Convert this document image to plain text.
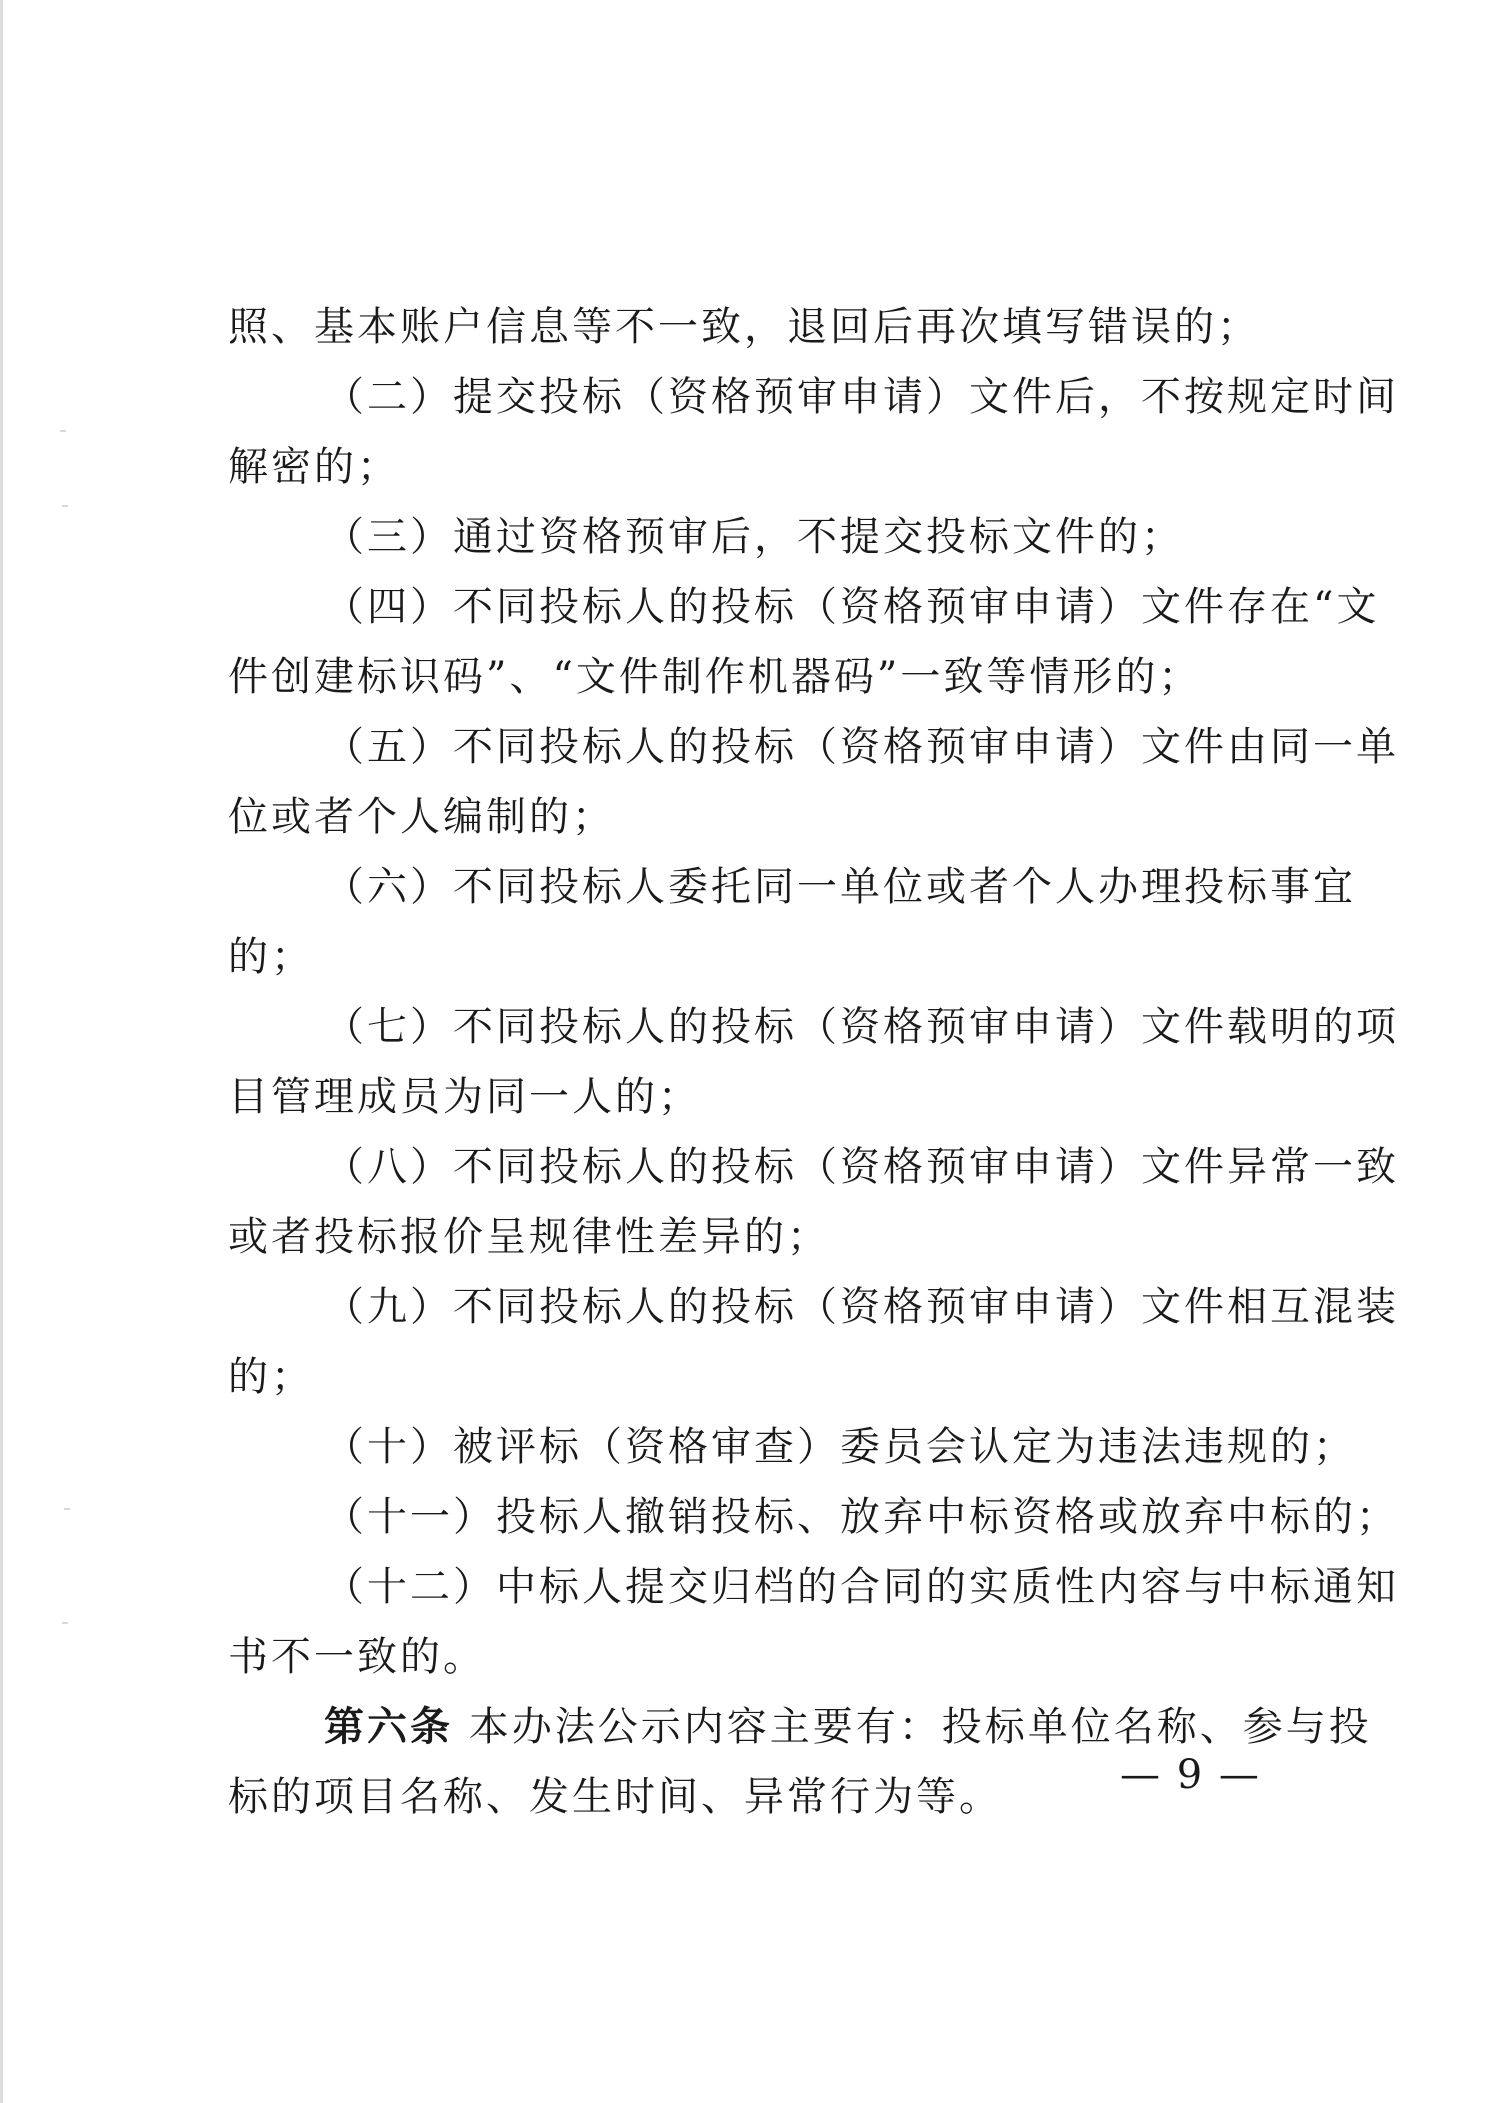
照、基本账户信息等不一致，退回后再次填写错误的；
（二）提交投标（资格预审申请）文件后，不按规定时间
解密的；
（三）通过资格预审后，不提交投标文件的；
（四）不同投标人的投标（资格预审申请）文件存在“文
件创建标识码”、“文件制作机器码”一致等情形的；
（五）不同投标人的投标（资格预审申请）文件由同一单
位或者个人编制的；
（六）不同投标人委托同一单位或者个人办理投标事宜
的；
（七）不同投标人的投标（资格预审申请）文件载明的项
目管理成员为同一人的；
（八）不同投标人的投标（资格预审申请）文件异常一致
或者投标报价呈规律性差异的；
（九）不同投标人的投标（资格预审申请）文件相互混装
的；
（十）被评标（资格审查）委员会认定为违法违规的；
（十一）投标人撤销投标、放弃中标资格或放弃中标的；
（十二）中标人提交归档的合同的实质性内容与中标通知
书不一致的。
第六条 本办法公示内容主要有：投标单位名称、参与投
标的项目名称、发生时间、异常行为等。	— 9 —
